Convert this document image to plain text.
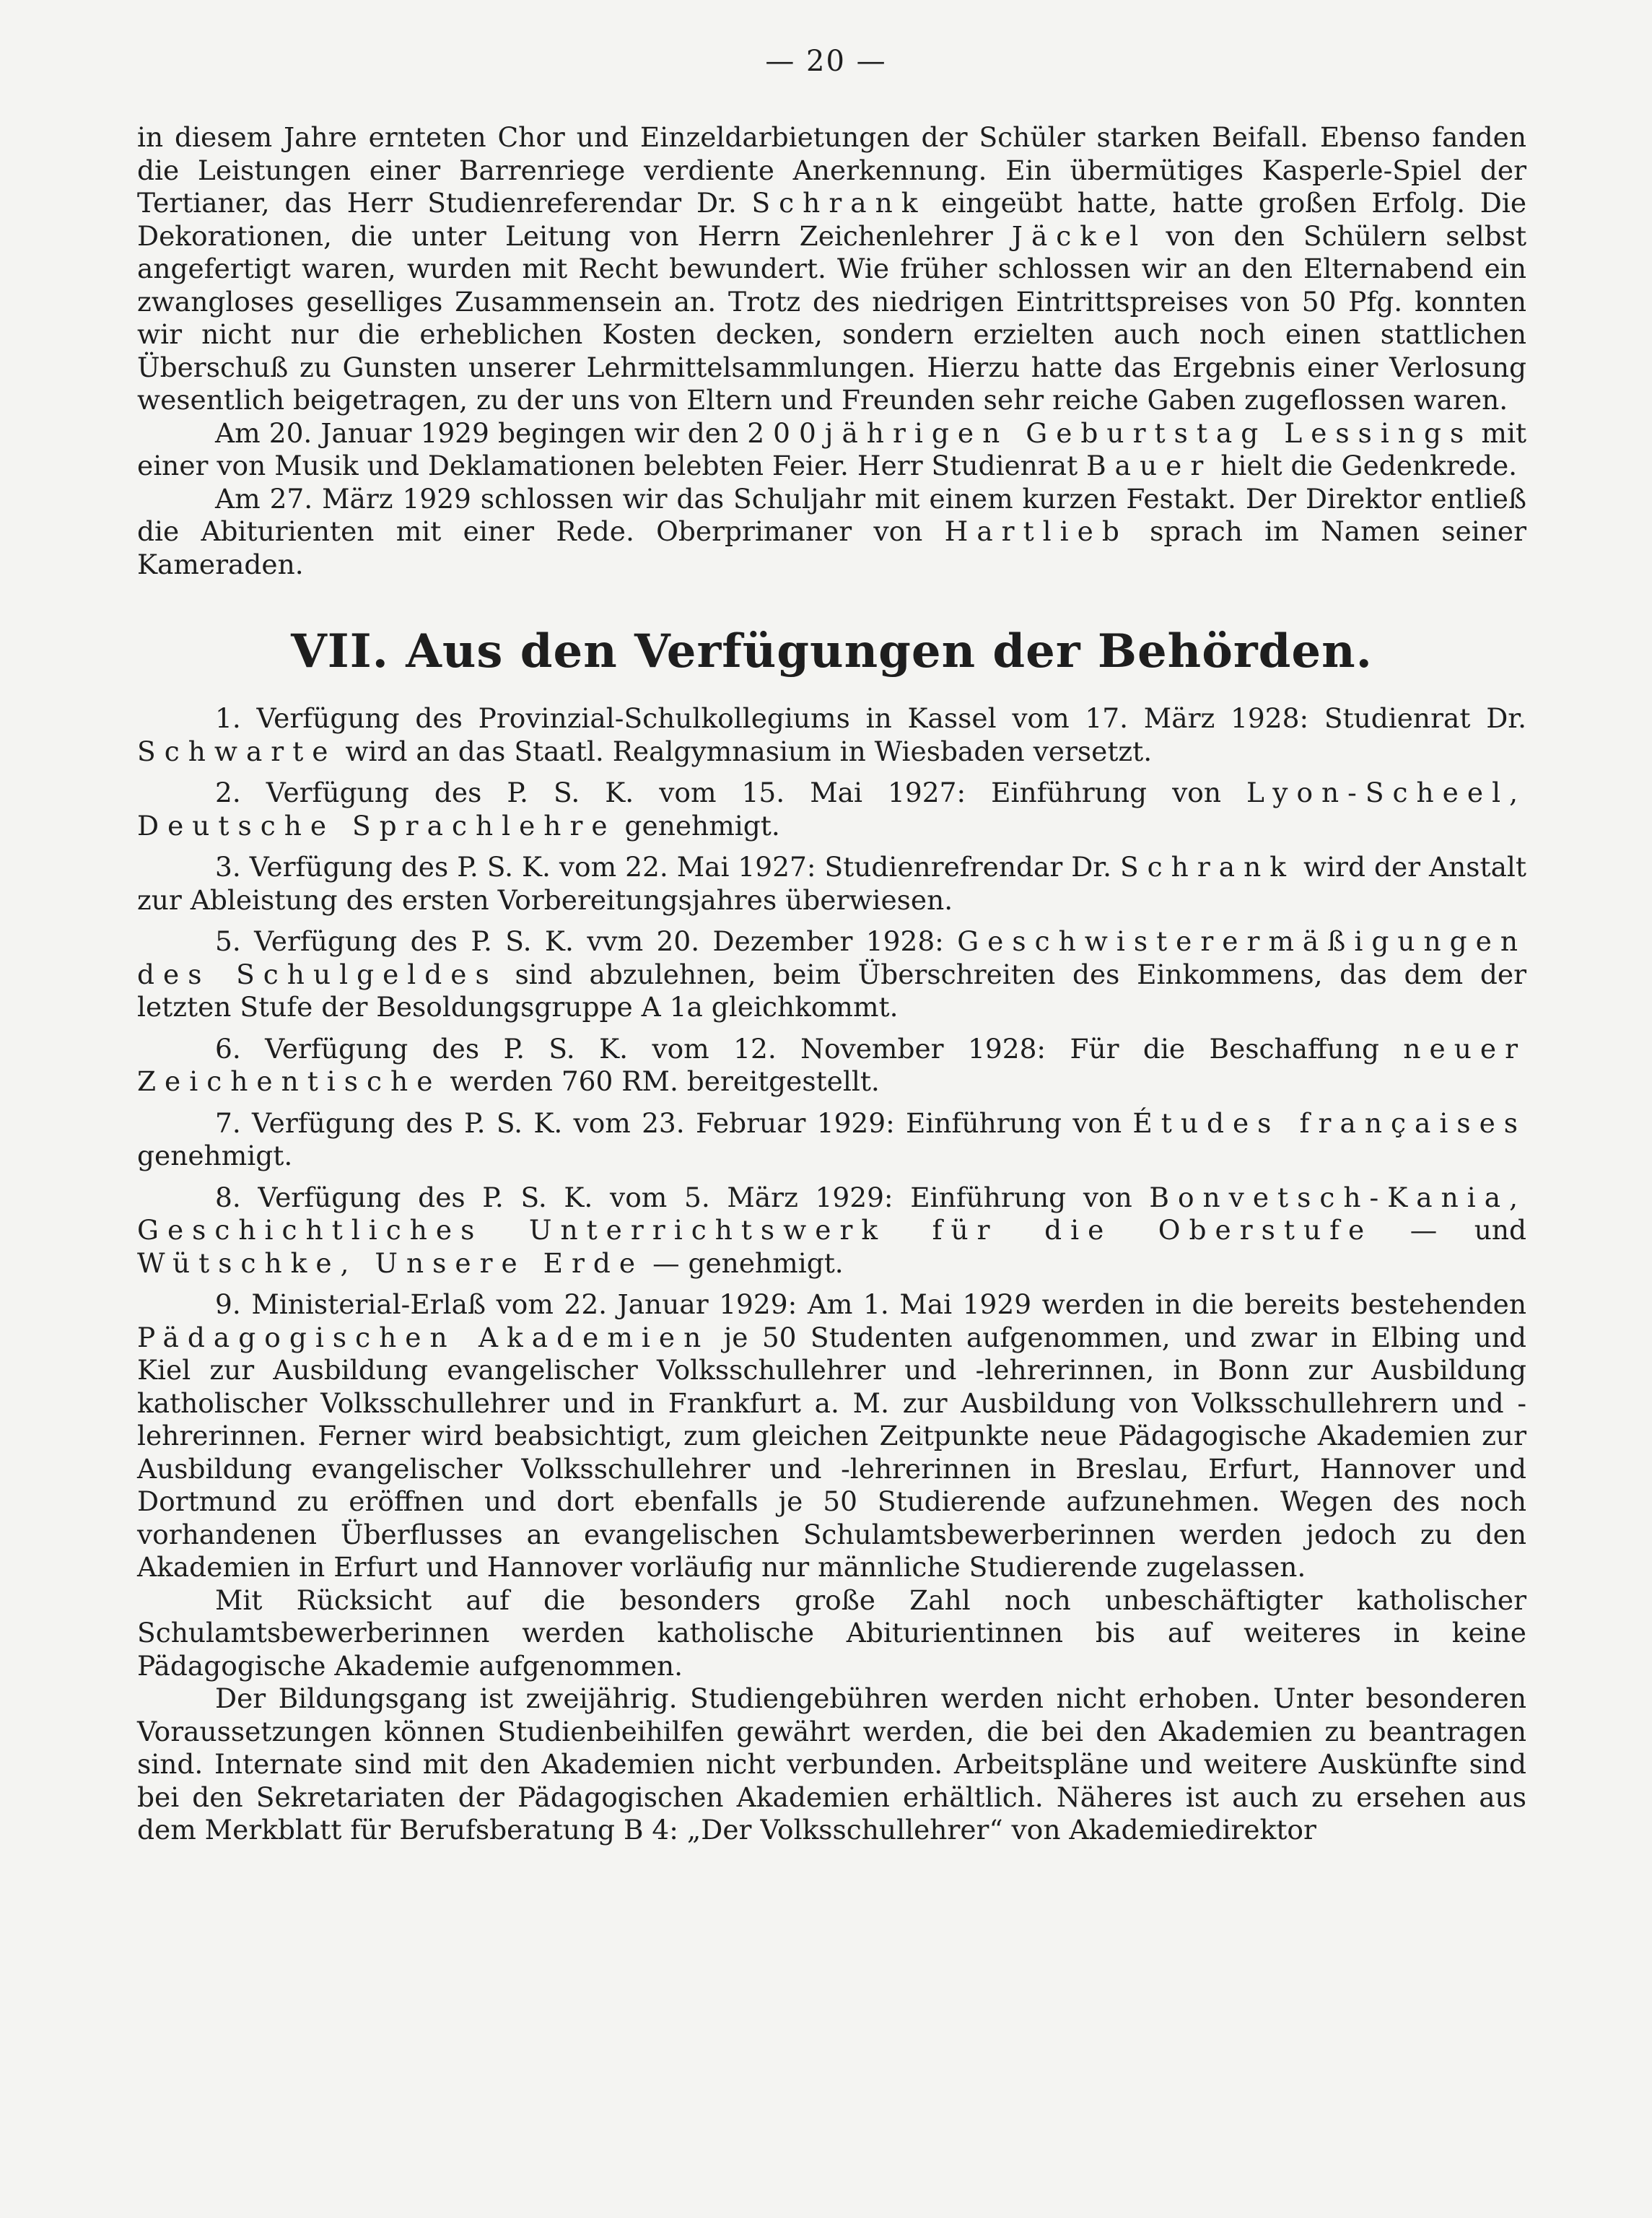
— 20 —

in diesem Jahre ernteten Chor und Einzeldarbietungen der Schüler starken Beifall. Ebenso fanden die Leistungen einer Barrenriege verdiente Anerkennung. Ein übermütiges Kasperle-Spiel der Tertianer, das Herr Studienreferendar Dr. Schrank eingeübt hatte, hatte großen Erfolg. Die Dekorationen, die unter Leitung von Herrn Zeichenlehrer Jäckel von den Schülern selbst angefertigt waren, wurden mit Recht bewundert. Wie früher schlossen wir an den Elternabend ein zwangloses geselliges Zusammensein an. Trotz des niedrigen Eintrittspreises von 50 Pfg. konnten wir nicht nur die erheblichen Kosten decken, sondern erzielten auch noch einen stattlichen Überschuß zu Gunsten unserer Lehrmittelsammlungen. Hierzu hatte das Ergebnis einer Verlosung wesentlich beigetragen, zu der uns von Eltern und Freunden sehr reiche Gaben zugeflossen waren.

Am 20. Januar 1929 begingen wir den 200jährigen Geburtstag Lessings mit einer von Musik und Deklamationen belebten Feier. Herr Studienrat Bauer hielt die Gedenkrede.

Am 27. März 1929 schlossen wir das Schuljahr mit einem kurzen Festakt. Der Direktor entließ die Abiturienten mit einer Rede. Oberprimaner von Hartlieb sprach im Namen seiner Kameraden.

VII. Aus den Verfügungen der Behörden.

1. Verfügung des Provinzial-Schulkollegiums in Kassel vom 17. März 1928: Studienrat Dr. Schwarte wird an das Staatl. Realgymnasium in Wiesbaden versetzt.

2. Verfügung des P. S. K. vom 15. Mai 1927: Einführung von Lyon-Scheel, Deutsche Sprachlehre genehmigt.

3. Verfügung des P. S. K. vom 22. Mai 1927: Studienrefrendar Dr. Schrank wird der Anstalt zur Ableistung des ersten Vorbereitungsjahres überwiesen.

5. Verfügung des P. S. K. vvm 20. Dezember 1928: Geschwisterermäßigungen des Schulgeldes sind abzulehnen, beim Überschreiten des Einkommens, das dem der letzten Stufe der Besoldungsgruppe A 1a gleichkommt.

6. Verfügung des P. S. K. vom 12. November 1928: Für die Beschaffung neuer Zeichentische werden 760 RM. bereitgestellt.

7. Verfügung des P. S. K. vom 23. Februar 1929: Einführung von Études françaises genehmigt.

8. Verfügung des P. S. K. vom 5. März 1929: Einführung von Bonvetsch-Kania, Geschichtliches Unterrichtswerk für die Oberstufe — und Wütschke, Unsere Erde — genehmigt.

9. Ministerial-Erlaß vom 22. Januar 1929: Am 1. Mai 1929 werden in die bereits bestehenden Pädagogischen Akademien je 50 Studenten aufgenommen, und zwar in Elbing und Kiel zur Ausbildung evangelischer Volksschullehrer und -lehrerinnen, in Bonn zur Ausbildung katholischer Volksschullehrer und in Frankfurt a. M. zur Ausbildung von Volksschullehrern und -lehrerinnen. Ferner wird beabsichtigt, zum gleichen Zeitpunkte neue Pädagogische Akademien zur Ausbildung evangelischer Volksschullehrer und -lehrerinnen in Breslau, Erfurt, Hannover und Dortmund zu eröffnen und dort ebenfalls je 50 Studierende aufzunehmen. Wegen des noch vorhandenen Überflusses an evangelischen Schulamtsbewerberinnen werden jedoch zu den Akademien in Erfurt und Hannover vorläufig nur männliche Studierende zugelassen.

Mit Rücksicht auf die besonders große Zahl noch unbeschäftigter katholischer Schulamtsbewerberinnen werden katholische Abiturientinnen bis auf weiteres in keine Pädagogische Akademie aufgenommen.

Der Bildungsgang ist zweijährig. Studiengebühren werden nicht erhoben. Unter besonderen Voraussetzungen können Studienbeihilfen gewährt werden, die bei den Akademien zu beantragen sind. Internate sind mit den Akademien nicht verbunden. Arbeitspläne und weitere Auskünfte sind bei den Sekretariaten der Pädagogischen Akademien erhältlich. Näheres ist auch zu ersehen aus dem Merkblatt für Berufsberatung B 4: „Der Volksschullehrer“ von Akademiedirektor
